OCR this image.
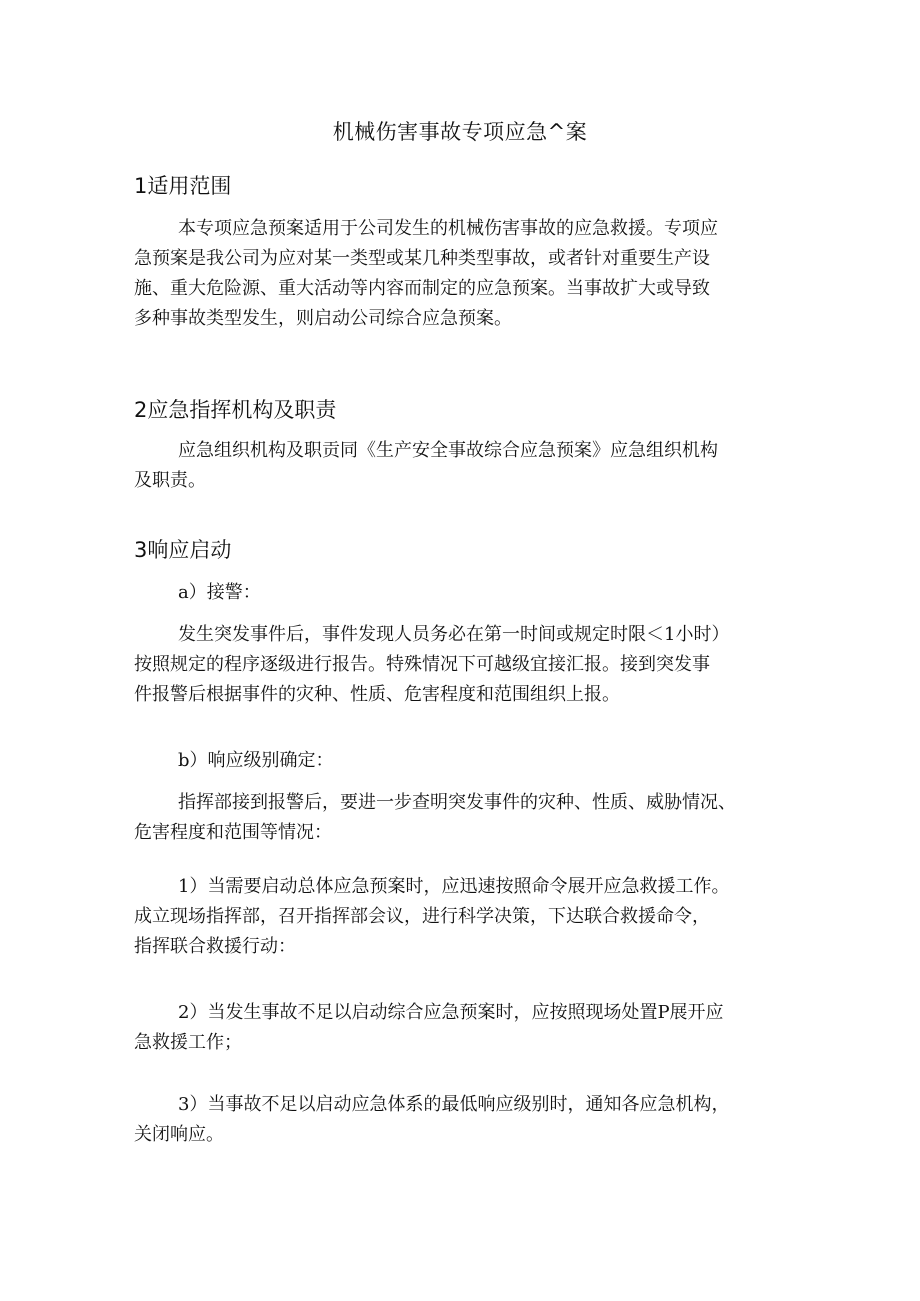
机械伤害事故专项应急^案
1适用范围
本专项应急预案适用于公司发生的机械伤害事故的应急救援。专项应
急预案是我公司为应对某一类型或某几种类型事故，或者针对重要生产设
施、重大危险源、重大活动等内容而制定的应急预案。当事故扩大或导致
多种事故类型发生，则启动公司综合应急预案。
2应急指挥机构及职责
应急组织机构及职贡同《生产安全事故综合应急预案》应急组织机构
及职责。
3响应启动
a）接警：
发生突发事件后，事件发现人员务必在第一时间或规定时限＜1小时）
按照规定的程序逐级进行报告。特殊情况下可越级宜接汇报。接到突发事
件报警后根据事件的灾种、性质、危害程度和范围组织上报。
b）响应级别确定：
指挥部接到报警后，要进一步查明突发事件的灾种、性质、威胁情况、
危害程度和范围等情况：
1）当需要启动总体应急预案时，应迅速按照命令展开应急救援工作。
成立现场指挥部，召开指挥部会议，进行科学决策，下达联合救援命令，
指挥联合救援行动：
2）当发生事故不足以启动综合应急预案时，应按照现场处置P展开应
急救援工作；
3）当事故不足以启动应急体系的最低响应级别时，通知各应急机构，
关闭响应。
